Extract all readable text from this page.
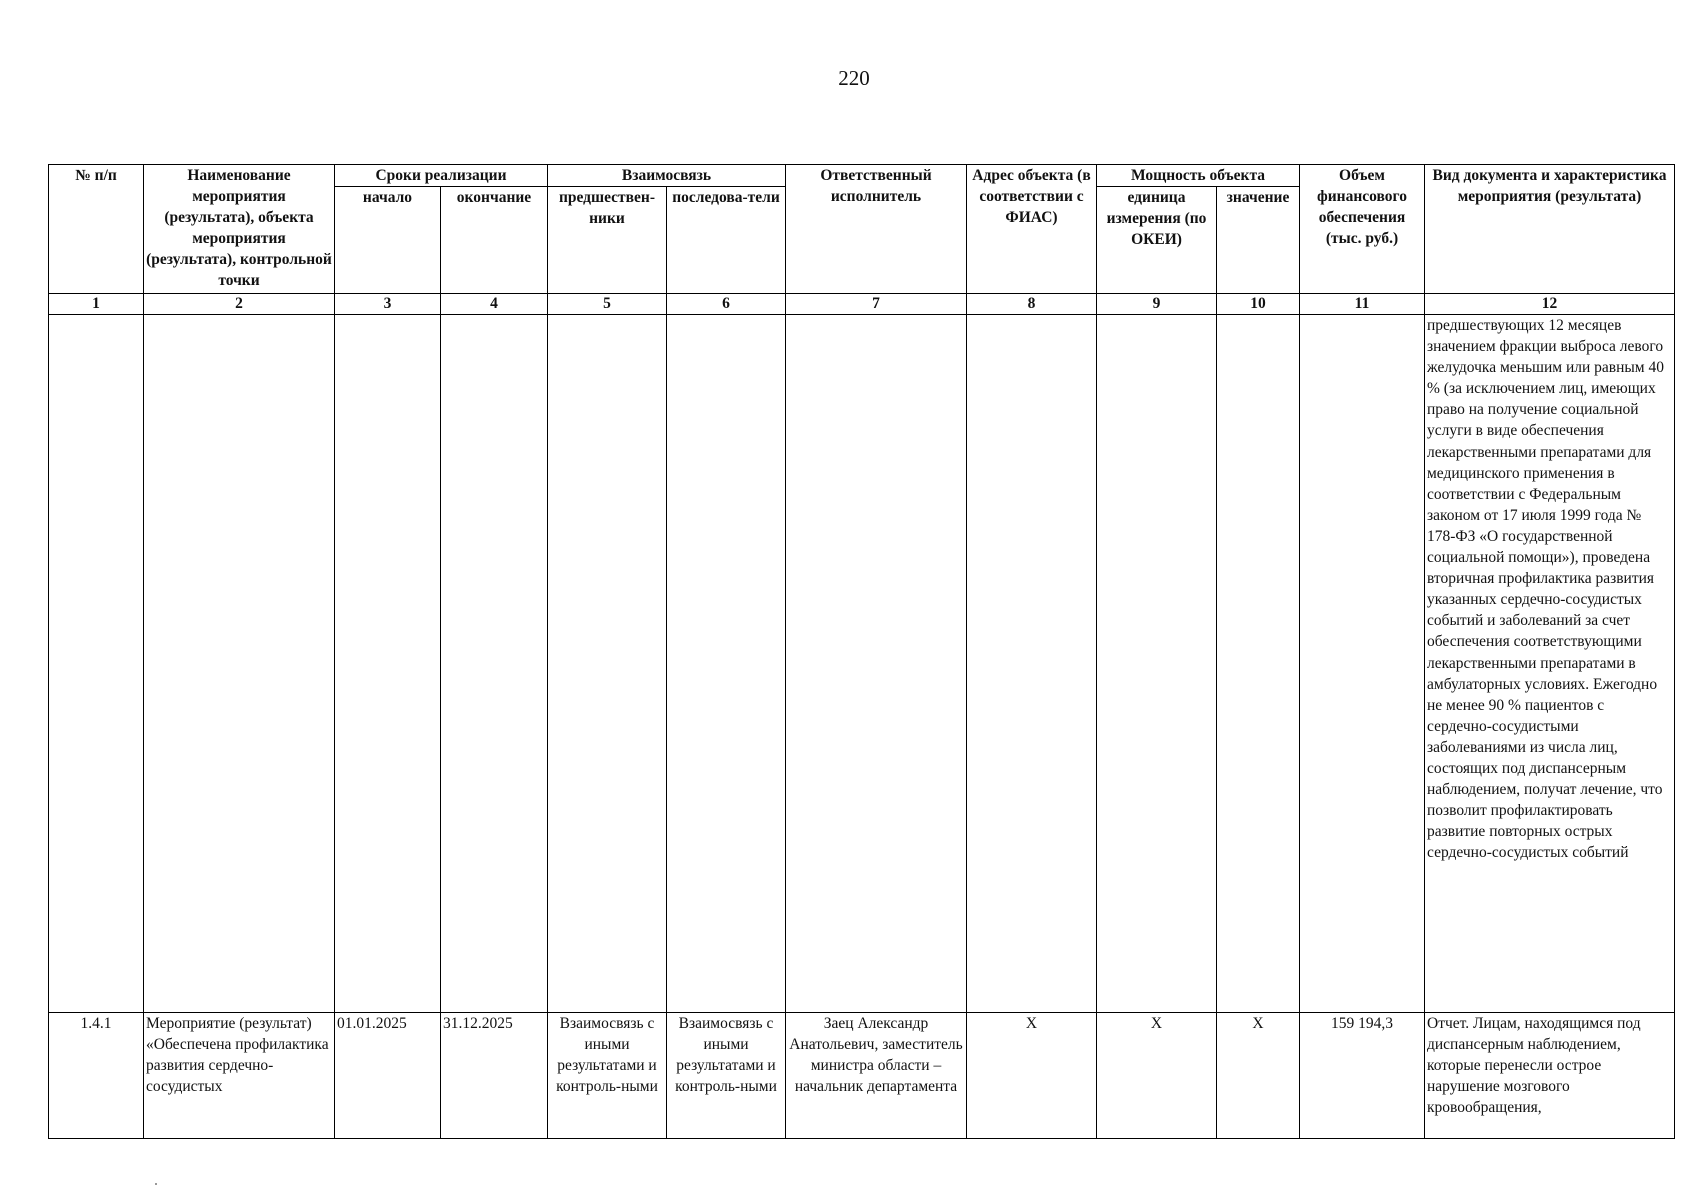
220
№ п/п	Наименование мероприятия (результата), объекта мероприятия (результата), контрольной точки	Сроки реализации		Взаимосвязь		Ответственный исполнитель	Адрес объекта (в соответствии с ФИАС)	Мощность объекта		Объем финансового обеспечения (тыс. руб.)	Вид документа и характеристика мероприятия (результата)
		начало	окончание	предшественники	последова-тели			единица измерения (по ОКЕИ)	значение		
1	2	3	4	5	6	7	8	9	10	11	12
											предшествующих 12 месяцев значением фракции выброса левого желудочка меньшим или равным 40 % (за исключением лиц, имеющих право на получение социальной услуги в виде обеспечения лекарственными препаратами для медицинского применения в соответствии с Федеральным законом от 17 июля 1999 года № 178-ФЗ «О государственной социальной помощи»), проведена вторичная профилактика развития указанных сердечно-сосудистых событий и заболеваний за счет обеспечения соответствующими лекарственными препаратами в амбулаторных условиях. Ежегодно не менее 90 % пациентов с сердечно-сосудистыми заболеваниями из числа лиц, состоящих под диспансерным наблюдением, получат лечение, что позволит профилактировать развитие повторных острых сердечно-сосудистых событий
1.4.1	Мероприятие (результат) «Обеспечена профилактика развития сердечно-сосудистых	01.01.2025	31.12.2025	Взаимосвязь с иными результатами и контроль-ными	Взаимосвязь с иными результатами и контроль-ными	Заец Александр Анатольевич, заместитель министра области – начальник департамента	Х	Х	Х	159 194,3	Отчет. Лицам, находящимся под диспансерным наблюдением, которые перенесли острое нарушение мозгового кровообращения,
